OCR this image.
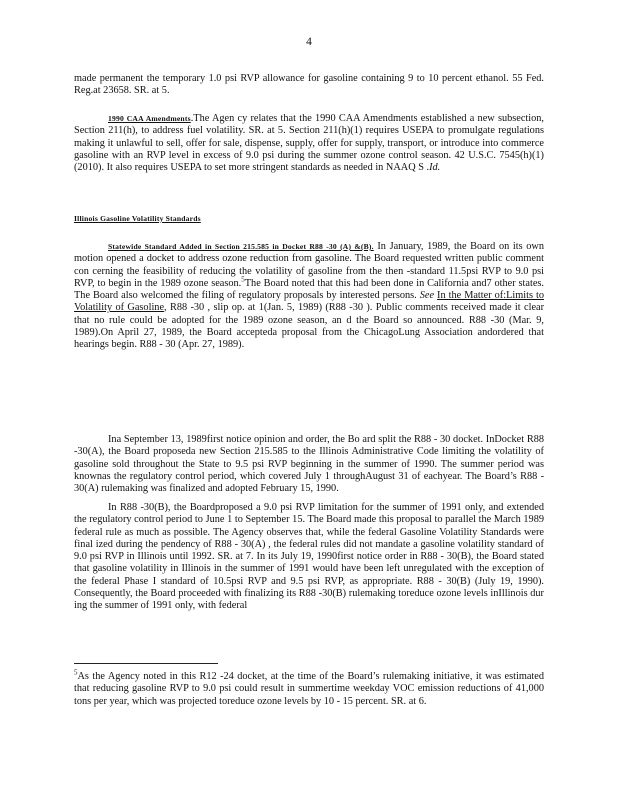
4

made permanent the temporary 1.0 psi RVP allowance for gasoline containing 9 to 10 percent ethanol. 55 Fed. Reg.at 23658. SR. at 5.

1990 CAA Amendments.The Agen cy relates that the 1990 CAA Amendments established a new subsection, Section 211(h), to address fuel volatility. SR. at 5. Section 211(h)(1) requires USEPA to promulgate regulations making it unlawful to sell, offer for sale, dispense, supply, offer for supply, transport, or introduce into commerce gasoline with an RVP level in excess of 9.0 psi during the summer ozone control season. 42 U.S.C. 7545(h)(1) (2010). It also requires USEPA to set more stringent standards as needed in NAAQ S .Id.

Illinois Gasoline Volatility Standards

Statewide Standard Added in Section 215.585 in Docket R88 -30 (A) &(B). In January, 1989, the Board on its own motion opened a docket to address ozone reduction from gasoline. The Board requested written public comment con cerning the feasibility of reducing the volatility of gasoline from the then -standard 11.5psi RVP to 9.0 psi RVP, to begin in the 1989 ozone season.$^5$The Board noted that this had been done in California and7 other states. The Board also welcomed the filing of regulatory proposals by interested persons. See In the Matter of:Limits to Volatility of Gasoline, R88 -30 , slip op. at 1(Jan. 5, 1989) (R88 -30 ). Public comments received made it clear that no rule could be adopted for the 1989 ozone season, an d the Board so announced. R88 -30 (Mar. 9, 1989).On April 27, 1989, the Board accepteda proposal from the ChicagoLung Association andordered that hearings begin. R88 - 30 (Apr. 27, 1989).

Ina September 13, 1989first notice opinion and order, the Bo ard split the R88 - 30 docket. InDocket R88 -30(A), the Board proposeda new Section 215.585 to the Illinois Administrative Code limiting the volatility of gasoline sold throughout the State to 9.5 psi RVP beginning in the summer of 1990. The summer period was knownas the regulatory control period, which covered July 1 throughAugust 31 of eachyear. The Board’s R88 - 30(A) rulemaking was finalized and adopted February 15, 1990.

In R88 -30(B), the Boardproposed a 9.0 psi RVP limitation for the summer of 1991 only, and extended the regulatory control period to June 1 to September 15. The Board made this proposal to parallel the March 1989 federal rule as much as possible. The Agency observes that, while the federal Gasoline Volatility Standards were final ized during the pendency of R88 - 30(A) , the federal rules did not mandate a gasoline volatility standard of 9.0 psi RVP in Illinois until 1992. SR. at 7. In its July 19, 1990first notice order in R88 - 30(B), the Board stated that gasoline volatility in Illinois in the summer of 1991 would have been left unregulated with the exception of the federal Phase I standard of 10.5psi RVP and 9.5 psi RVP, as appropriate. R88 - 30(B) (July 19, 1990). Consequently, the Board proceeded with finalizing its R88 -30(B) rulemaking toreduce ozone levels inIllinois dur ing the summer of 1991 only, with federal

$^5$As the Agency noted in this R12 -24 docket, at the time of the Board’s rulemaking initiative, it was estimated that reducing gasoline RVP to 9.0 psi could result in summertime weekday VOC emission reductions of 41,000 tons per year, which was projected toreduce ozone levels by 10 - 15 percent. SR. at 6.
